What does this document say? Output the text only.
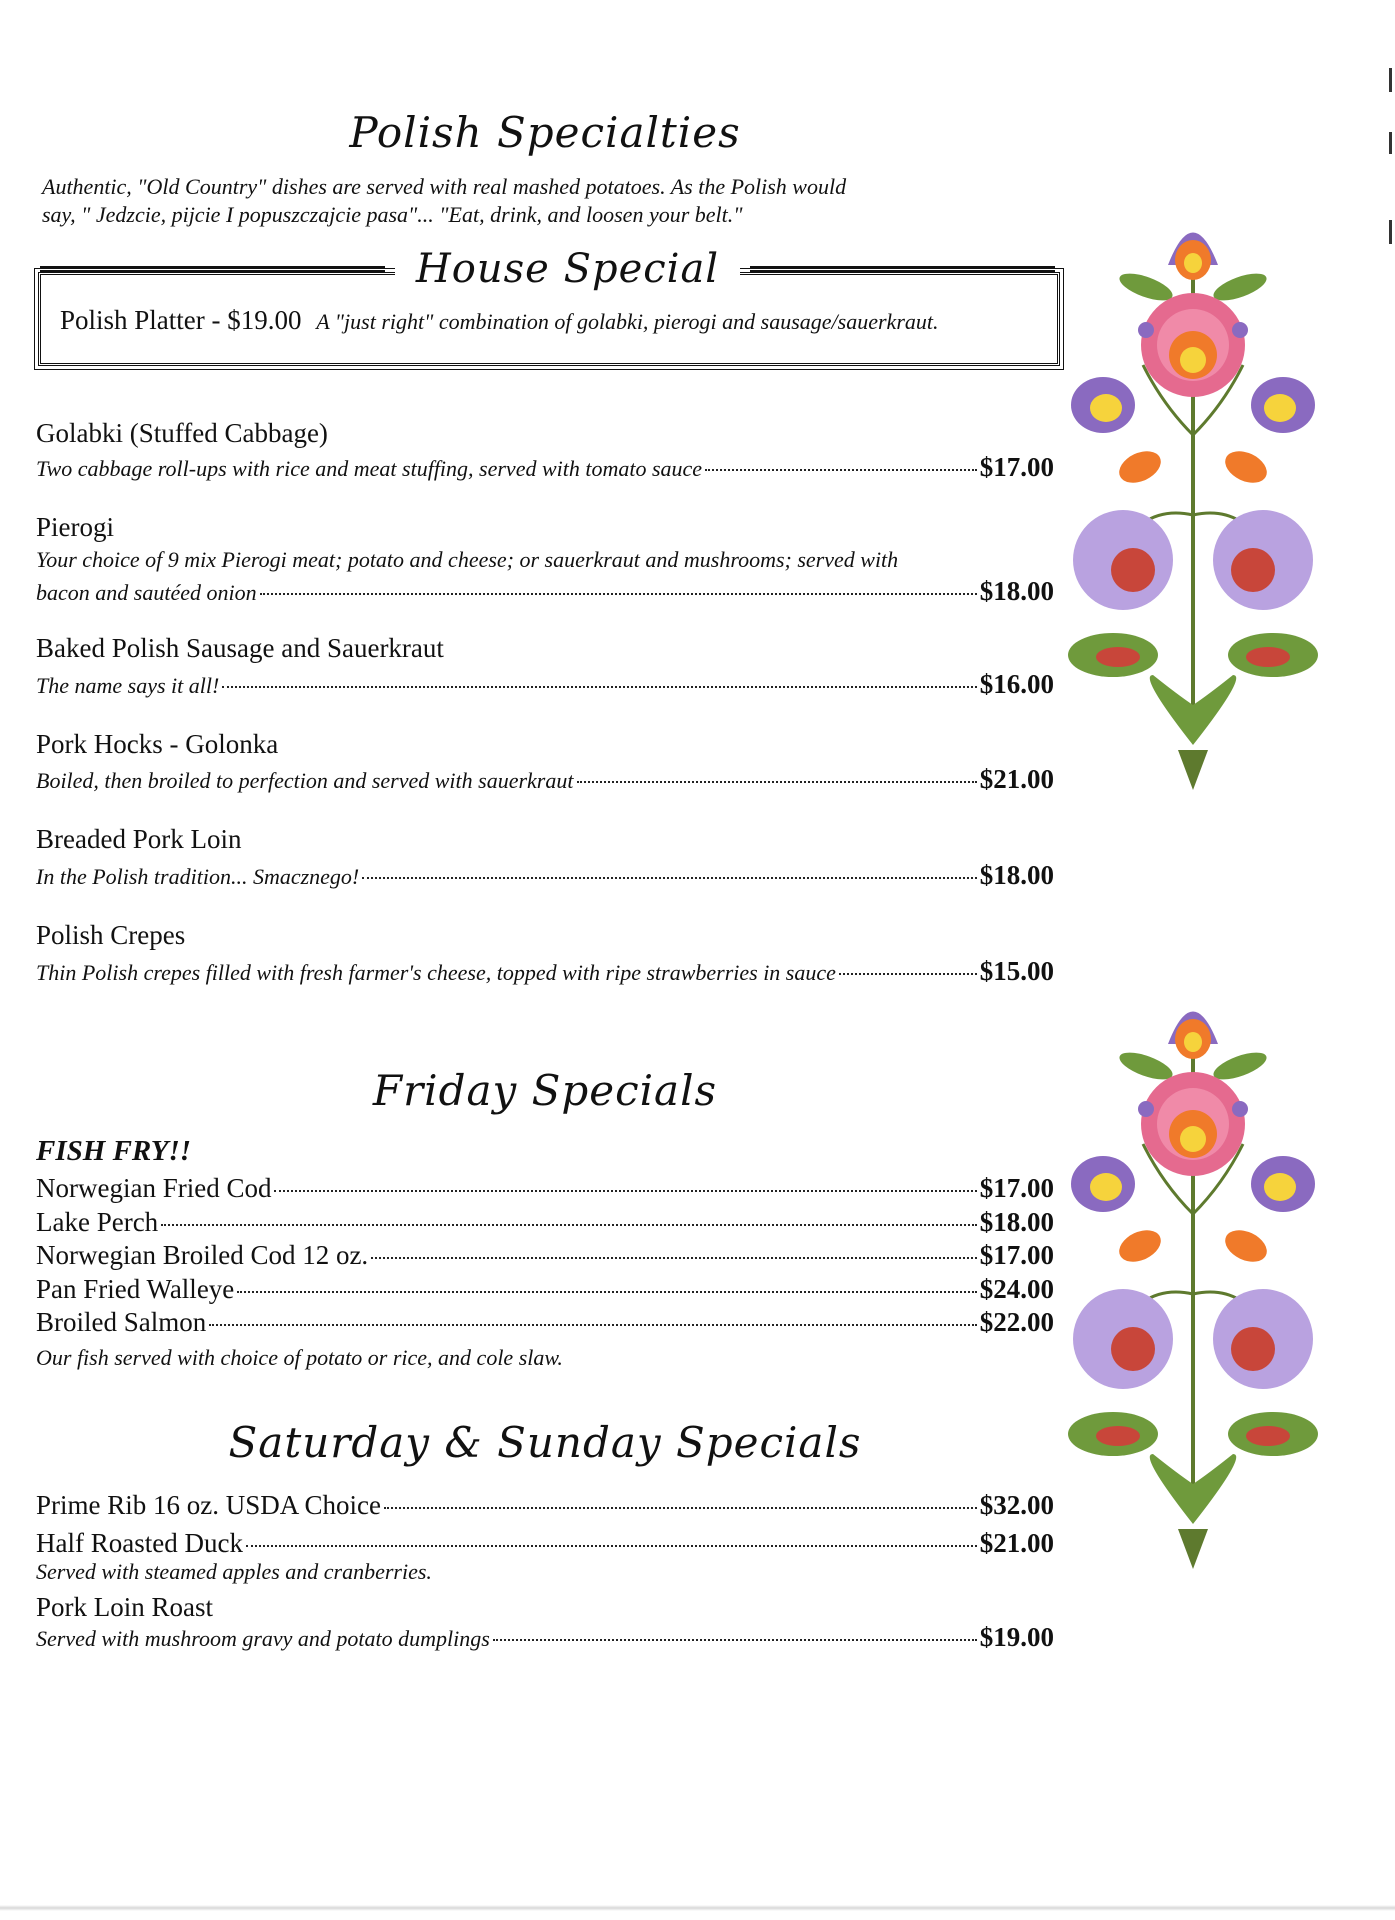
Polish Specialties
Authentic, "Old Country" dishes are served with real mashed potatoes. As the Polish would
say, " Jedzcie, pijcie I popuszczajcie pasa"... "Eat, drink, and loosen your belt."
House Special
Polish Platter - $19.00 A "just right" combination of golabki, pierogi and sausage/sauerkraut.
Golabki (Stuffed Cabbage)
Two cabbage roll-ups with rice and meat stuffing, served with tomato sauce	$17.00
Pierogi
Your choice of 9 mix Pierogi meat; potato and cheese; or sauerkraut and mushrooms; served with
bacon and sautéed onion	$18.00
Baked Polish Sausage and Sauerkraut
The name says it all!	$16.00
Pork Hocks - Golonka
Boiled, then broiled to perfection and served with sauerkraut	$21.00
Breaded Pork Loin
In the Polish tradition... Smacznego!	$18.00
Polish Crepes
Thin Polish crepes filled with fresh farmer's cheese, topped with ripe strawberries in sauce	$15.00
Friday Specials
FISH FRY!!
Norwegian Fried Cod	$17.00
Lake Perch	$18.00
Norwegian Broiled Cod 12 oz.	$17.00
Pan Fried Walleye	$24.00
Broiled Salmon	$22.00
Our fish served with choice of potato or rice, and cole slaw.
Saturday & Sunday Specials
Prime Rib 16 oz. USDA Choice	$32.00
Half Roasted Duck	$21.00
Served with steamed apples and cranberries.
Pork Loin Roast
Served with mushroom gravy and potato dumplings	$19.00
